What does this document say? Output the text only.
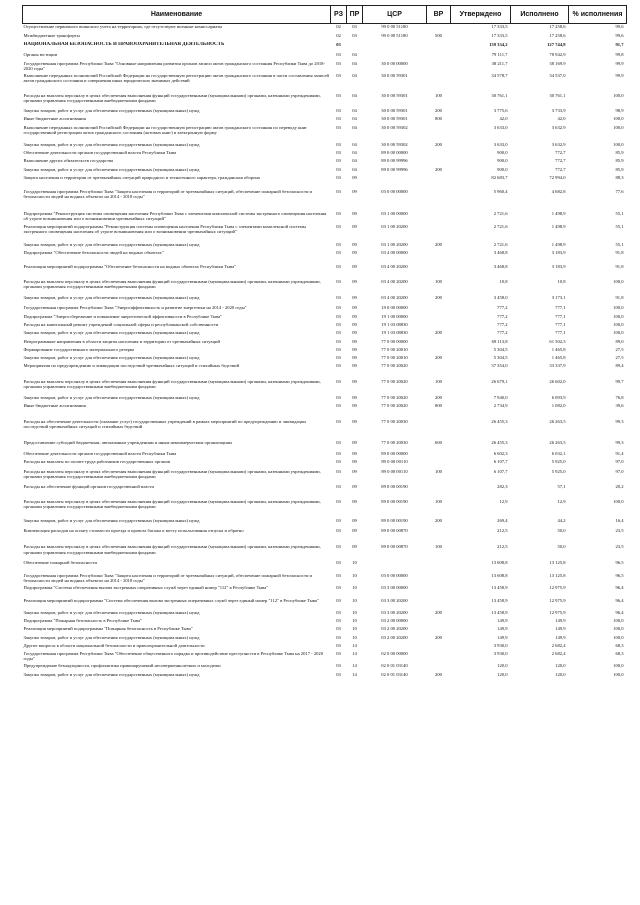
Наименование	РЗ	ПР	ЦСР	ВР	Утверждено	Исполнено	% исполнения
Осуществление первичного воинского учета на территориях, где отсутствуют военные комиссариаты	02	03	99 0 00 51180		17 333,5	17 258,6	99,6
Межбюджетные трансферты	02	03	99 0 00 51180	500	17 333,5	17 258,6	99,6
НАЦИОНАЛЬНАЯ БЕЗОПАСНОСТЬ И ПРАВООХРАНИТЕЛЬНАЯ ДЕЯТЕЛЬНОСТЬ	03				139 334,2	127 744,8	91,7
Органы юстиции	03	04			79 111,7	78 942,9	99,8
Государственная программа Республики Тыва "Основные направления развития органов записи актов гражданского состояния Республики Тыва до 2018-2020 годы"	03	04	30 0 00 00000		38 211,7	38 169,9	99,9
Выполнение переданных полномочий Российской Федерации на государственную регистрацию актов гражданского состояния в части составления записей актов гражданского состояния и совершения иных юридических значимых действий	03	04	30 0 00 59301		34 578,7	34 537,0	99,9
Расходы на выплаты персоналу в целях обеспечения выполнения функций государственными (муниципальными) органами, казенными учреждениями, органами управления государственными внебюджетными фондами	03	04	30 0 00 59301	100	30 761,1	30 761,1	100,0
Закупка товаров, работ и услуг для обеспечения государственных (муниципальных) нужд	03	04	30 0 00 59301	200	3 775,6	3 733,9	98,9
Иные бюджетные ассигнования	03	04	30 0 00 59301	800	42,0	42,0	100,0
Выполнение переданных полномочий Российской Федерации на государственную регистрацию актов гражданского состояния по переводу книг государственной регистрации актов гражданского состояния (актовых книг) в электронную форму	03	04	30 0 00 59302		3 633,0	3 632,9	100,0
Закупка товаров, работ и услуг для обеспечения государственных (муниципальных) нужд	03	04	30 0 00 59302	200	3 633,0	3 632,9	100,0
Обеспечение деятельности органов государственной власти Республики Тыва	03	04	89 0 00 00000		900,0	772,7	85,9
Выполнение других обязательств государства	03	04	89 0 00 99996		900,0	772,7	85,9
Закупка товаров, работ и услуг для обеспечения государственных (муниципальных) нужд	03	04	89 0 00 99996	200	900,0	772,7	85,9
Защита населения и территории от чрезвычайных ситуаций природного и техногенного характера, гражданская оборона	03	09			82 683,7	72 994,0	88,3
Государственная программа Республики Тыва "Защита населения и территорий от чрезвычайных ситуаций, обеспечение пожарной безопасности и безопасности людей на водных объектах на 2014 - 2018 годы"	03	09	03 0 00 00000		5 960,4	4 682,8	77,6
Подпрограмма "Реконструкция системы оповещения населения Республики Тыва с элементами комплексной системы экстренного оповещения населения об угрозе возникновения или о возникновении чрезвычайных ситуаций"	03	09	03 1 00 00000		2 721,6	1 498,9	55,1
Реализация мероприятий подпрограммы "Реконструкция системы оповещения населения Республики Тыва с элементами комплексной системы экстренного оповещения населения об угрозе возникновения или о возникновении чрезвычайных ситуаций"	03	09	03 1 00 20200		2 721,6	1 498,9	55,1
Закупка товаров, работ и услуг для обеспечения государственных (муниципальных) нужд	03	09	03 1 00 20200	200	2 721,6	1 498,9	55,1
Подпрограмма "Обеспечение безопасности людей на водных объектах"	03	09	03 4 00 00000		3 468,8	3 183,9	91,8
Реализация мероприятий подпрограммы "Обеспечение безопасности на водных объектах Республики Тыва"	03	09	03 4 00 20200		3 468,8	3 183,9	91,8
Расходы на выплаты персоналу в целях обеспечения выполнения функций государственными (муниципальными) органами, казенными учреждениями, органами управления государственными внебюджетными фондами	03	09	03 4 00 20200	100	10,8	10,8	100,0
Закупка товаров, работ и услуг для обеспечения государственных (муниципальных) нужд	03	09	03 4 00 20200	200	3 458,0	3 173,1	91,8
Государственная программа Республики Тыва "Энергоэффективность и развитие энергетики на 2014 - 2020 годы"	03	09	19 0 00 00000		777,2	777,1	100,0
Подпрограмма "Энергосбережение и повышение энергетической эффективности в Республике Тыва"	03	09	19 1 00 00000		777,2	777,1	100,0
Расходы на капитальный ремонт учреждений социальной сферы и республиканской собственности	03	09	19 1 03 08830		777,2	777,1	100,0
Закупка товаров, работ и услуг для обеспечения государственных (муниципальных) нужд	03	09	19 1 03 08830	200	777,2	777,1	100,0
Непрограммные направления в области защиты населения и территории от чрезвычайных ситуаций	03	09	77 0 00 00000		69 113,8	61 502,3	89,0
Формирование государственного материального резерва	03	09	77 0 00 20010		5 304,5	1 465,8	27,5
Закупка товаров, работ и услуг для обеспечения государственных (муниципальных) нужд	03	09	77 0 00 20010	200	5 304,5	1 465,8	27,5
Мероприятия по предупреждению и ликвидации последствий чрезвычайных ситуаций и стихийных бедствий	03	09	77 0 00 20020		37 354,0	33 337,9	89,4
Расходы на выплаты персоналу в целях обеспечения выполнения функций государственными (муниципальными) органами, казенными учреждениями, органами управления государственными внебюджетными фондами	03	09	77 0 00 20020	100	26 679,1	26 602,0	99,7
Закупка товаров, работ и услуг для обеспечения государственных (муниципальных) нужд	03	09	77 0 00 20020	200	7 940,0	6 093,9	76,8
Иные бюджетные ассигнования	03	09	77 0 00 20020	800	2 734,9	1 082,0	39,6
Расходы на обеспечение деятельности (оказание услуг) государственных учреждений в рамках мероприятий по предупреждению и ликвидации последствий чрезвычайных ситуаций и стихийных бедствий	03	09	77 0 00 20030		26 455,3	26 263,5	99,3
Предоставление субсидий бюджетным, автономным учреждениям и иным некоммерческим организациям	03	09	77 0 00 20030	600	26 455,3	26 263,5	99,3
Обеспечение деятельности органов государственной власти Республики Тыва	03	09	89 0 00 00000		6 602,3	6 032,1	91,4
Расходы на выплаты по оплате труда работников государственных органов	03	09	89 0 00 00110		6 107,7	5 925,0	97,0
Расходы на выплаты персоналу в целях обеспечения выполнения функций государственными (муниципальными) органами, казенными учреждениями, органами управления государственными внебюджетными фондами	03	09	89 0 00 00110	100	6 107,7	5 925,0	97,0
Расходы на обеспечение функций органов государственной власти	03	09	89 0 00 00190		282,3	57,1	20,2
Расходы на выплаты персоналу в целях обеспечения выполнения функций государственными (муниципальными) органами, казенными учреждениями, органами управления государственными внебюджетными фондами	03	09	89 0 00 00190	100	12,9	12,9	100,0
Закупка товаров, работ и услуг для обеспечения государственных (муниципальных) нужд	03	09	89 0 00 00190	200	269,4	44,2	16,4
Компенсация расходов на оплату стоимости проезда и провоза багажа к месту использования отпуска и обратно	03	09	89 0 00 00870		212,5	50,0	23,5
Расходы на выплаты персоналу в целях обеспечения выполнения функций государственными (муниципальными) органами, казенными учреждениями, органами управления государственными внебюджетными фондами	03	09	89 0 00 00870	100	212,5	50,0	23,5
Обеспечение пожарной безопасности	03	10			13 608,8	13 125,8	96,5
Государственная программа Республики Тыва "Защита населения и территорий от чрезвычайных ситуаций, обеспечение пожарной безопасности и безопасности людей на водных объектах на 2014 - 2018 годы"	03	10	03 0 00 00000		13 608,8	13 125,8	96,5
Подпрограмма "Система обеспечения вызова экстренных оперативных служб через единый номер "112" в Республике Тыва"	03	10	03 3 00 00000		13 458,9	12 975,9	96,4
Реализация мероприятий подпрограммы "Система обеспечения вызова экстренных оперативных служб через единый номер "112" в Республике Тыва"	03	10	03 3 00 20200		13 458,9	12 975,9	96,4
Закупка товаров, работ и услуг для обеспечения государственных (муниципальных) нужд	03	10	03 3 00 20200	200	13 458,9	12 975,9	96,4
Подпрограмма "Пожарная безопасность в Республике Тыва"	03	10	03 2 00 00000		149,9	149,9	100,0
Реализация мероприятий подпрограммы "Пожарная безопасность в Республике Тыва"	03	10	03 2 00 20200		149,9	149,9	100,0
Закупка товаров, работ и услуг для обеспечения государственных (муниципальных) нужд	03	10	03 2 00 20200	200	149,9	149,9	100,0
Другие вопросы в области национальной безопасности и правоохранительной деятельности	03	14			3 930,0	2 682,4	68,3
Государственная программа Республики Тыва "Обеспечение общественного порядка и противодействие преступности в Республике Тыва на 2017 - 2020 годы"	03	14	02 0 00 00000		3 930,0	2 682,4	68,3
Предупреждение безнадзорности, профилактика правонарушений несовершеннолетних и молодежи	03	14	02 0 01 03140		120,0	120,0	100,0
Закупка товаров, работ и услуг для обеспечения государственных (муниципальных) нужд	03	14	02 0 01 03140	200	120,0	120,0	100,0
